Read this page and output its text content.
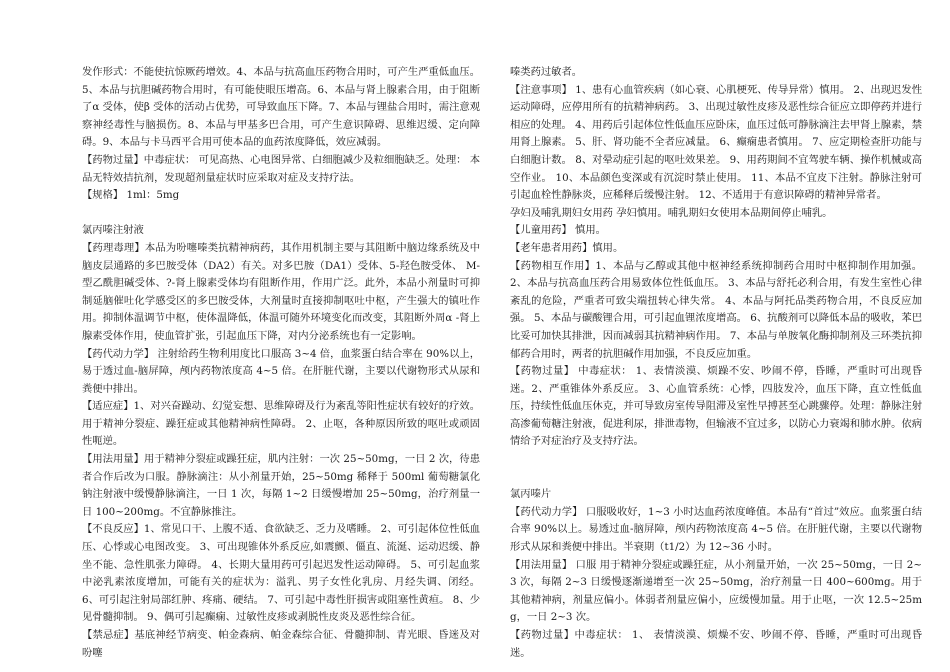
发作形式：不能使抗惊厥药增效。4、本品与抗高血压药物合用时，可产生严重低血压。5、本品与抗胆碱药物合用时，有可能使眼压增高。6、本品与肾上腺素合用，由于阻断了α 受体，使β 受体的活动占优势，可导致血压下降。7、本品与锂盐合用时，需注意观察神经毒性与脑损伤。8、本品与甲基多巴合用，可产生意识障碍、思维迟缓、定向障碍。9、本品与卡马西平合用可使本品的血药浓度降低，效应减弱。

【药物过量】中毒症状： 可见高热、心电图异常、白细胞减少及粒细胞缺乏。处理： 本品无特效拮抗剂，发现超剂量症状时应采取对症及支持疗法。

【规格】 1ml：5mg

氯丙嗪注射液

【药理毒理】本品为吩噻嗪类抗精神病药，其作用机制主要与其阻断中脑边缘系统及中脑皮层通路的多巴胺受体（DA2）有关。对多巴胺（DA1）受体、5-羟色胺受体、 M-型乙酰胆碱受体、?-肾上腺素受体均有阻断作用，作用广泛。此外，本品小剂量时可抑制延脑催吐化学感受区的多巴胺受体，大剂量时直接抑制呕吐中枢，产生强大的镇吐作用。抑制体温调节中枢，使体温降低，体温可随外环境变化而改变，其阻断外周α -肾上腺素受体作用，使血管扩张，引起血压下降，对内分泌系统也有一定影响。

【药代动力学】 注射给药生物利用度比口服高 3~4 倍，血浆蛋白结合率在 90%以上，易于透过血-脑屏障，颅内药物浓度高 4~5 倍。在肝脏代谢，主要以代谢物形式从尿和粪便中排出。

【适应症】1、对兴奋躁动、幻觉妄想、思维障碍及行为紊乱等阳性症状有较好的疗效。用于精神分裂症、躁狂症或其他精神病性障碍。 2、止呕，各种原因所致的呕吐或顽固性呃逆。

【用法用量】用于精神分裂症或躁狂症，肌内注射：一次 25~50mg，一日 2 次，待患者合作后改为口服。静脉滴注：从小剂量开始，25~50mg 稀释于 500ml 葡萄糖氯化钠注射液中缓慢静脉滴注，一日 1 次，每隔 1~2 日缓慢增加 25~50mg，治疗剂量一日 100~200mg。不宜静脉推注。

【不良反应】1、常见口干、上腹不适、食欲缺乏、乏力及嗜睡。 2、可引起体位性低血压、心悸或心电图改变。 3、可出现锥体外系反应,如震颤、僵直、流涎、运动迟缓、静坐不能、急性肌张力障碍。 4、长期大量用药可引起迟发性运动障碍。 5、可引起血浆中泌乳素浓度增加，可能有关的症状为：溢乳、男子女性化乳房、月经失调、闭经。 6、可引起注射局部红肿、疼痛、硬结。 7、可引起中毒性肝损害或阻塞性黄疸。 8、少见骨髓抑制。 9、偶可引起癫痫、过敏性皮疹或剥脱性皮炎及恶性综合征。

【禁忌症】基底神经节病变、帕金森病、帕金森综合征、骨髓抑制、青光眼、昏迷及对吩噻

嗪类药过敏者。

【注意事项】 1、患有心血管疾病（如心衰、心肌梗死、传导异常）慎用。 2、出现迟发性运动障碍，应停用所有的抗精神病药。 3、出现过敏性皮疹及恶性综合征应立即停药并进行相应的处理。 4、用药后引起体位性低血压应卧床，血压过低可静脉滴注去甲肾上腺素，禁用肾上腺素。 5、肝、肾功能不全者应减量。 6、癫痫患者慎用。 7、应定期检查肝功能与白细胞计数。 8、对晕动症引起的呕吐效果差。 9、用药期间不宜驾驶车辆、操作机械或高空作业。 10、本品颜色变深或有沉淀时禁止使用。 11、本品不宜皮下注射。静脉注射可引起血栓性静脉炎，应稀释后缓慢注射。 12、不适用于有意识障碍的精神异常者。

孕妇及哺乳期妇女用药 孕妇慎用。哺乳期妇女使用本品期间停止哺乳。

【儿童用药】 慎用。

【老年患者用药】慎用。

【药物相互作用】1、本品与乙醇或其他中枢神经系统抑制药合用时中枢抑制作用加强。 2、本品与抗高血压药合用易致体位性低血压。 3、本品与舒托必利合用，有发生室性心律紊乱的危险，严重者可致尖端扭转心律失常。 4、本品与阿托品类药物合用，不良反应加强。 5、本品与碳酸锂合用，可引起血锂浓度增高。 6、抗酸剂可以降低本品的吸收，苯巴比妥可加快其排泄，因而减弱其抗精神病作用。 7、本品与单胺氧化酶抑制剂及三环类抗抑郁药合用时，两者的抗胆碱作用加强，不良反应加重。

【药物过量】 中毒症状： 1、表情淡漠、烦躁不安、吵闹不停，昏睡，严重时可出现昏迷。2、严重锥体外系反应。 3、心血管系统：心悸，四肢发冷，血压下降，直立性低血压，持续性低血压休克，并可导致房室传导阻滞及室性早搏甚至心跳骤停。处理：静脉注射高渗葡萄糖注射液，促进利尿，排泄毒物，但输液不宜过多，以防心力衰竭和肺水肿。依病情给予对症治疗及支持疗法。

氯丙嗪片

【药代动力学】 口服吸收好，1~3 小时达血药浓度峰值。本品有“首过”效应。血浆蛋白结合率 90%以上。易透过血-脑屏障，颅内药物浓度高 4~5 倍。在肝脏代谢，主要以代谢物形式从尿和粪便中排出。半衰期（t1/2）为 12~36 小时。

【用法用量】 口服 用于精神分裂症或躁狂症，从小剂量开始，一次 25~50mg，一日 2~3 次，每隔 2~3 日缓慢逐渐递增至一次 25~50mg，治疗剂量一日 400~600mg。用于其他精神病，剂量应偏小。体弱者剂量应偏小，应缓慢加量。用于止呕，一次 12.5~25mg，一日 2~3 次。

【药物过量】中毒症状： 1、 表情淡漠、烦燥不安、吵闹不停、昏睡，严重时可出现昏迷。
